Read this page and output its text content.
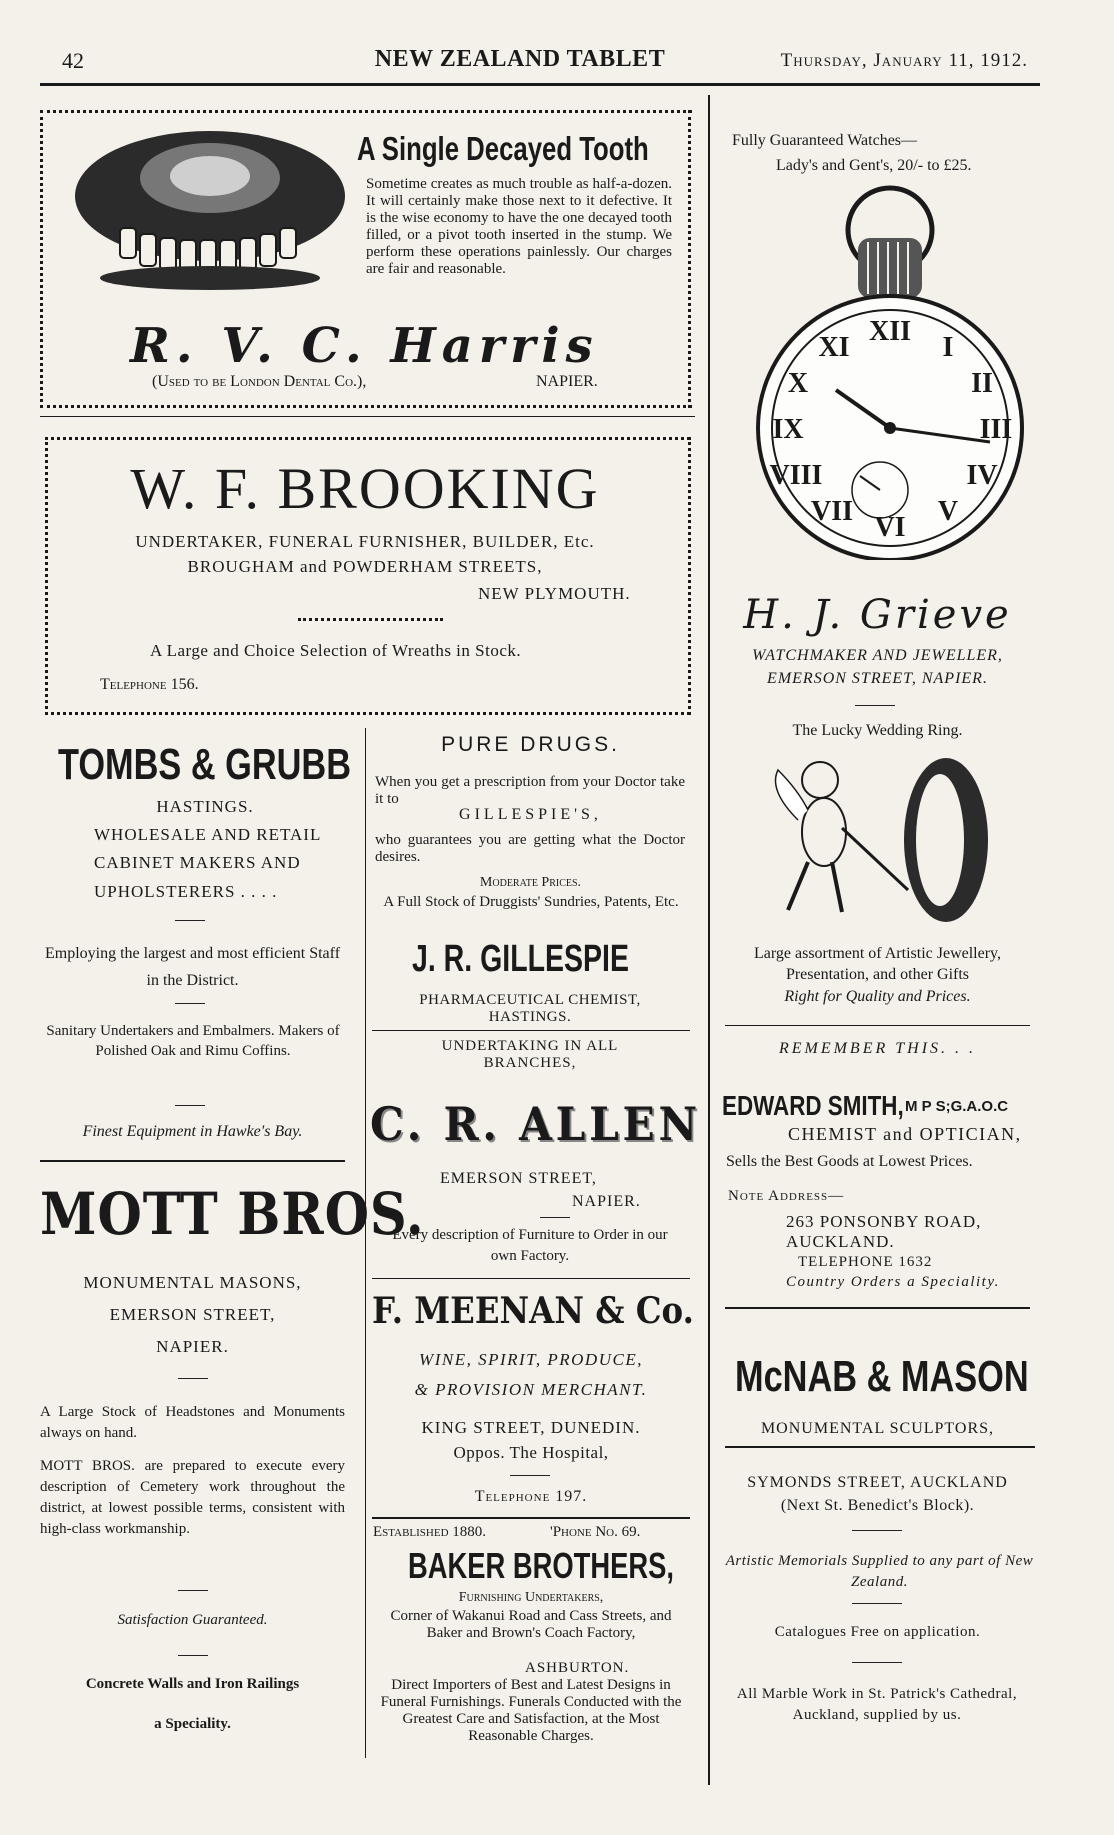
42	NEW ZEALAND TABLET	Thursday, January 11, 1912.
A Single Decayed Tooth
Sometime creates as much trouble as half-a-dozen. It will certainly make those next to it defective. It is the wise economy to have the one decayed tooth filled, or a pivot tooth inserted in the stump. We perform these operations painlessly. Our charges are fair and reasonable.
R. V. C. Harris
(Used to be London Dental Co.),	NAPIER.
W. F. BROOKING
UNDERTAKER, FUNERAL FURNISHER, BUILDER, Etc.
BROUGHAM and POWDERHAM STREETS,
NEW PLYMOUTH.
A Large and Choice Selection of Wreaths in Stock.
Telephone 156.
TOMBS & GRUBB
HASTINGS.
WHOLESALE AND RETAIL
CABINET MAKERS AND
UPHOLSTERERS . . . .
Employing the largest and most efficient Staff in the District.
Sanitary Undertakers and Embalmers. Makers of Polished Oak and Rimu Coffins.
Finest Equipment in Hawke's Bay.
MOTT BROS.
MONUMENTAL MASONS,
EMERSON STREET,
NAPIER.
A Large Stock of Headstones and Monuments always on hand.
MOTT BROS. are prepared to execute every description of Cemetery work throughout the district, at lowest possible terms, consistent with high-class workmanship.
Satisfaction Guaranteed.
Concrete Walls and Iron Railings
a Speciality.
PURE DRUGS.
When you get a prescription from your Doctor take it to
GILLESPIE'S,
who guarantees you are getting what the Doctor desires.
Moderate Prices.
A Full Stock of Druggists' Sundries, Patents, Etc.
J. R. GILLESPIE
PHARMACEUTICAL CHEMIST, HASTINGS.
UNDERTAKING IN ALL BRANCHES,
C. R. ALLEN
EMERSON STREET,
NAPIER.
Every description of Furniture to Order in our own Factory.
F. MEENAN & Co.
WINE, SPIRIT, PRODUCE,
& PROVISION MERCHANT.
KING STREET, DUNEDIN.
Oppos. The Hospital,
Telephone 197.
Established 1880.	'Phone No. 69.
BAKER BROTHERS,
Furnishing Undertakers,
Corner of Wakanui Road and Cass Streets, and Baker and Brown's Coach Factory,
ASHBURTON.
Direct Importers of Best and Latest Designs in Funeral Furnishings. Funerals Conducted with the Greatest Care and Satisfaction, at the Most Reasonable Charges.
Fully Guaranteed Watches—
Lady's and Gent's, 20/- to £25.
XII
I
II
III
IV
V
VI
VII
VIII
IX
X
XI
H. J. Grieve
WATCHMAKER AND JEWELLER,
EMERSON STREET, NAPIER.
The Lucky Wedding Ring.
Large assortment of Artistic Jewellery, Presentation, and other Gifts
Right for Quality and Prices.
REMEMBER THIS. . .
EDWARD SMITH, M P S;G.A.O.C
CHEMIST and OPTICIAN,
Sells the Best Goods at Lowest Prices.
Note Address—
263 PONSONBY ROAD,
AUCKLAND.
TELEPHONE 1632
Country Orders a Speciality.
McNAB & MASON
MONUMENTAL SCULPTORS,
SYMONDS STREET, AUCKLAND
(Next St. Benedict's Block).
Artistic Memorials Supplied to any part of New Zealand.
Catalogues Free on application.
All Marble Work in St. Patrick's Cathedral, Auckland, supplied by us.
